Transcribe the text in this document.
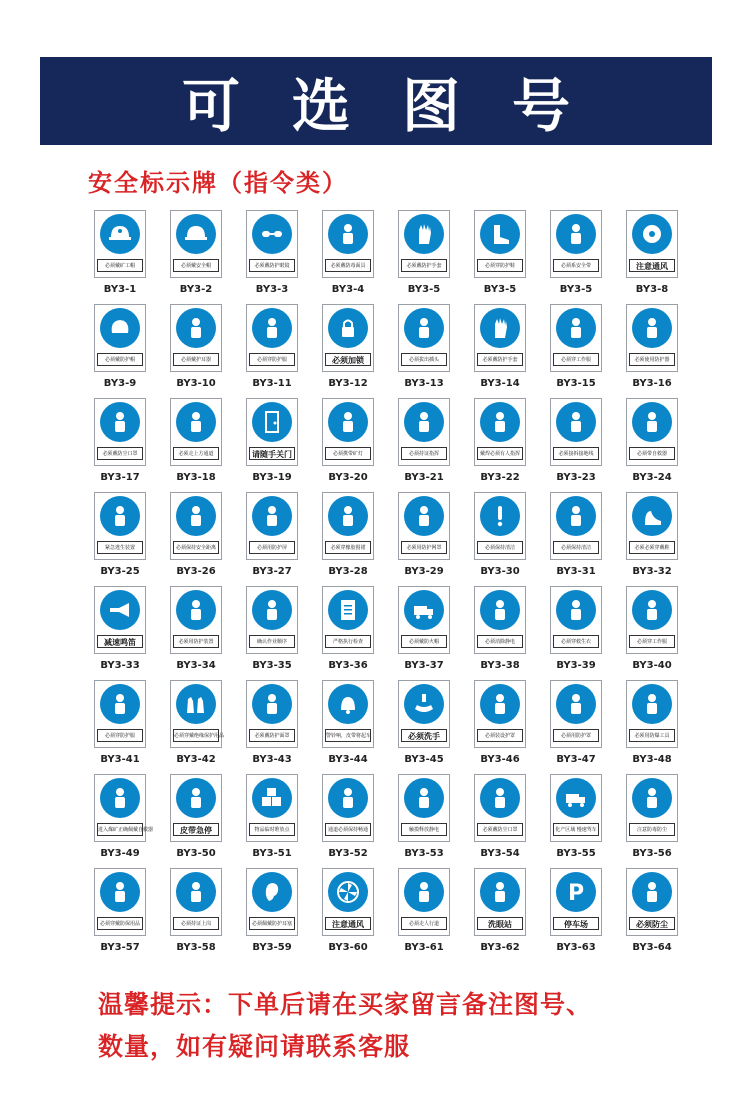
可选图号
安全标示牌（指令类）
必须戴矿工帽
BY3-1
必须戴安全帽
BY3-2
必须戴防护眼镜
BY3-3
必须戴防毒面具
BY3-4
必须戴防护手套
BY3-5
必须穿防护鞋
BY3-5
必须系安全带
BY3-5
注意通风
BY3-8
必须戴防护帽
BY3-9
必须戴护耳器
BY3-10
必须穿防护服
BY3-11
必须加锁
BY3-12
必须拔出插头
BY3-13
必须戴防护手套
BY3-14
必须穿工作服
BY3-15
必须使用防护器
BY3-16
必须戴防尘口罩
BY3-17
必须走上方通道
BY3-18
请随手关门
BY3-19
必须携带矿灯
BY3-20
必须持证指挥
BY3-21
戴焊必须有人指挥
BY3-22
必须接拆接地线
BY3-23
必须带自救器
BY3-24
紧急逃生装置
BY3-25
必须保持安全距离
BY3-26
必须用防护屏
BY3-27
必须穿橡胶围裙
BY3-28
必须用防护网罩
BY3-29
必须保持清洁
BY3-30
必须保持清洁
BY3-31
必须必须穿戴鞋
BY3-32
减速鸣笛
BY3-33
必须用防护装置
BY3-34
确认作业顺序
BY3-35
严格执行检查
BY3-36
必须戴防火帽
BY3-37
必须消除静电
BY3-38
必须穿救生衣
BY3-39
必须穿工作服
BY3-40
必须穿防护服
BY3-41
必须穿戴绝缘保护用品
BY3-42
必须戴防护面罩
BY3-43
警铃响，皮带将起车
BY3-44
必须洗手
BY3-45
必须装设护罩
BY3-46
必须用防护罩
BY3-47
必须用防爆工具
BY3-48
进入煤矿正确佩戴自救器
BY3-49
皮带急停
BY3-50
物品临时堆放点
BY3-51
通道必须保持畅通
BY3-52
触摸释放静电
BY3-53
必须戴防尘口罩
BY3-54
化产区域 慢速驾车
BY3-55
注意防毒防尘
BY3-56
必须穿戴防保用品
BY3-57
必须持证上岗
BY3-58
必须佩戴防护耳塞
BY3-59
注意通风
BY3-60
必须走人行道
BY3-61
洗眼站
BY3-62
P
停车场
BY3-63
必须防尘
BY3-64
温馨提示：下单后请在买家留言备注图号、
数量，如有疑问请联系客服
